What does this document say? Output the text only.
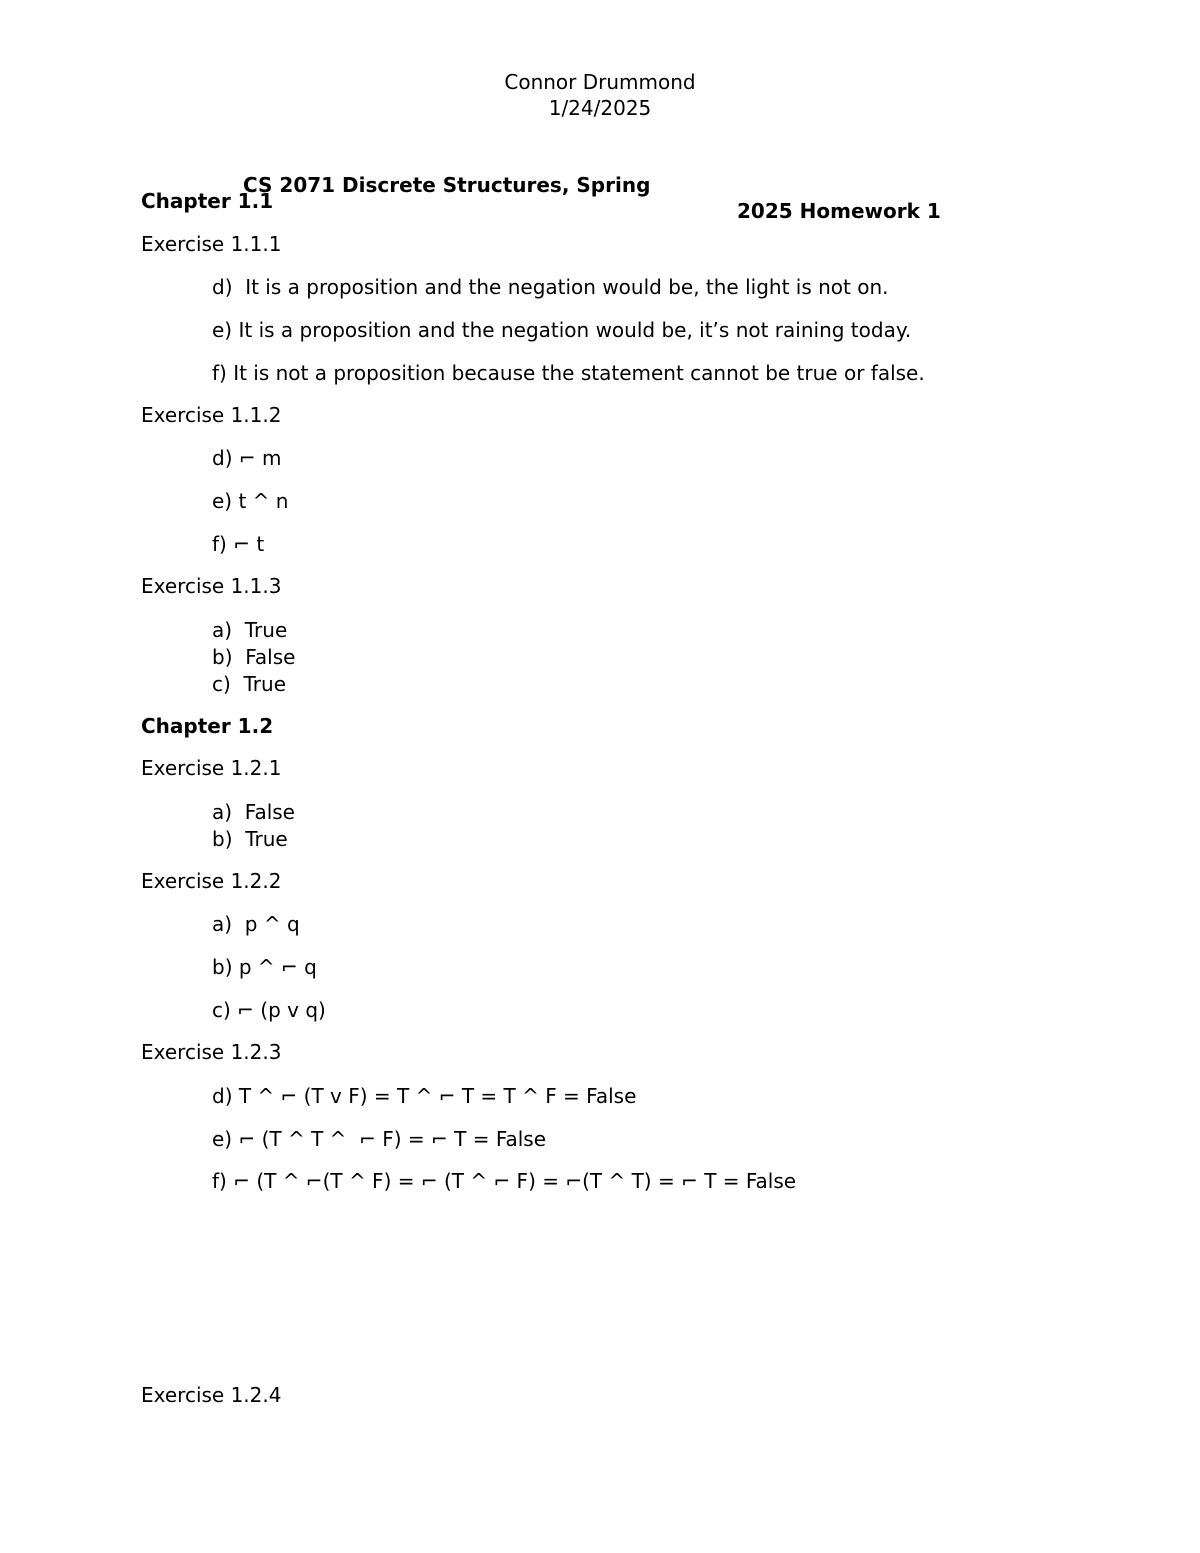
Connor Drummond
1/24/2025

CS 2071 Discrete Structures, Spring

2025 Homework 1

Chapter 1.1
Exercise 1.1.1
d)  It is a proposition and the negation would be, the light is not on.
e) It is a proposition and the negation would be, it’s not raining today.
f) It is not a proposition because the statement cannot be true or false.
Exercise 1.1.2
d) ⌐ m
e) t ^ n
f) ⌐ t
Exercise 1.1.3
a)  True
b)  False
c)  True
Chapter 1.2
Exercise 1.2.1
a)  False
b)  True
Exercise 1.2.2
a)  p ^ q
b) p ^ ⌐ q
c) ⌐ (p v q)
Exercise 1.2.3
d) T ^ ⌐ (T v F) = T ^ ⌐ T = T ^ F = False
e) ⌐ (T ^ T ^  ⌐ F) = ⌐ T = False
f) ⌐ (T ^ ⌐(T ^ F) = ⌐ (T ^ ⌐ F) = ⌐(T ^ T) = ⌐ T = False
Exercise 1.2.4
